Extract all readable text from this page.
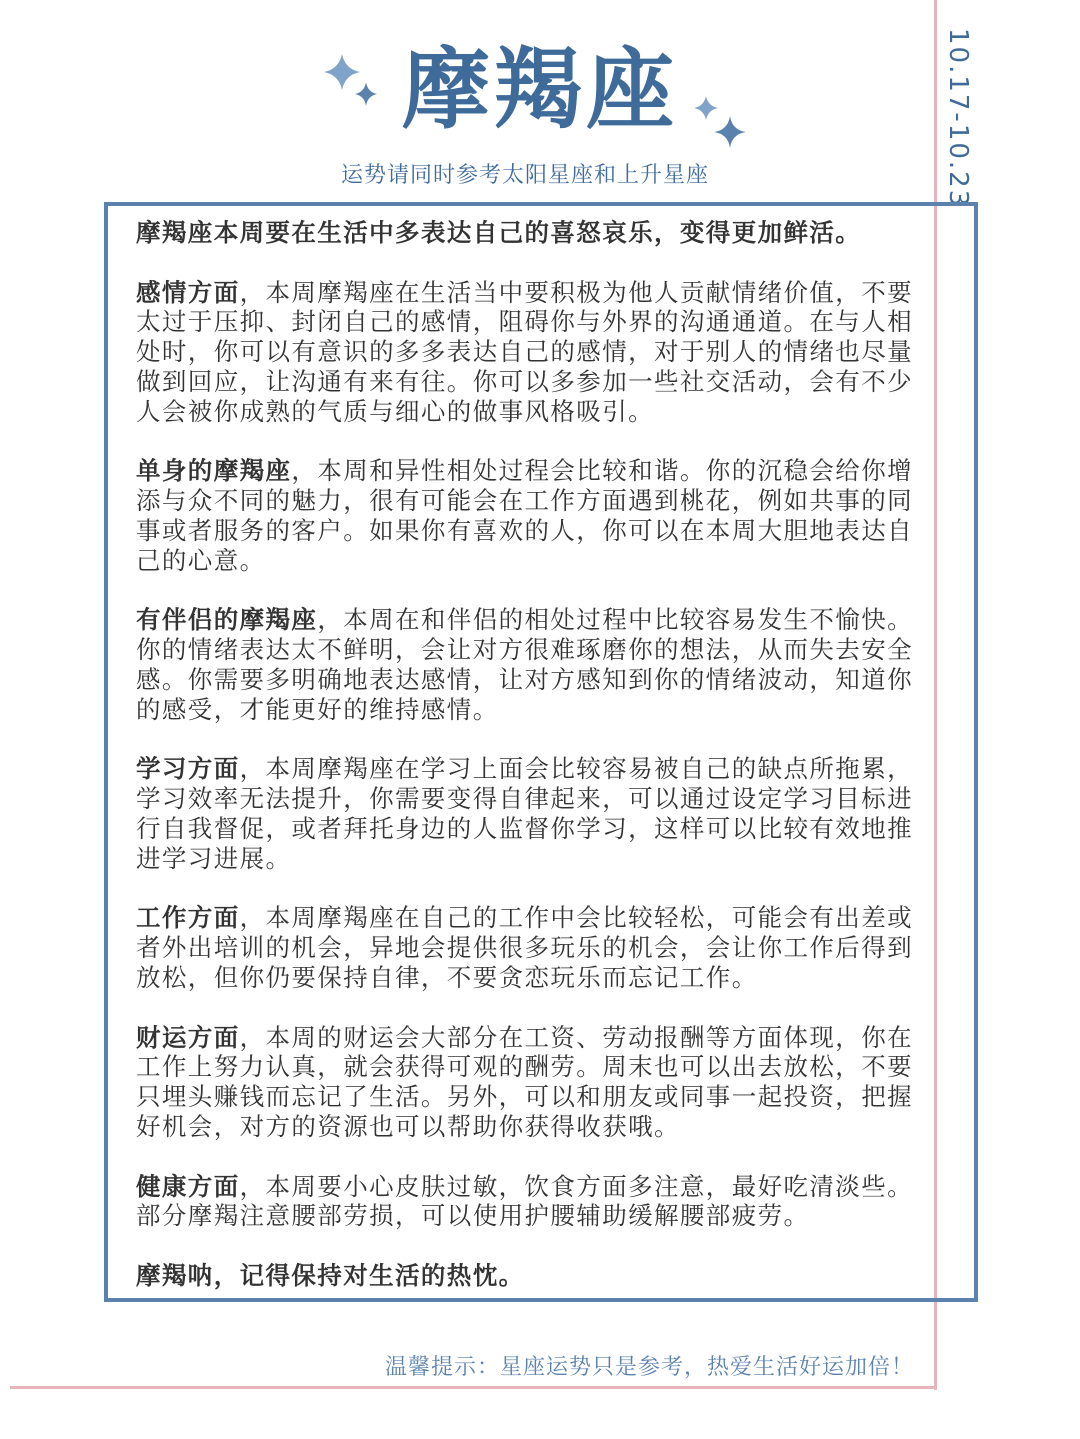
摩羯座
运势请同时参考太阳星座和上升星座	10.17-10.23

摩羯座本周要在生活中多表达自己的喜怒哀乐，变得更加鲜活。

感情方面，本周摩羯座在生活当中要积极为他人贡献情绪价值，不要太过于压抑、封闭自己的感情，阻碍你与外界的沟通通道。在与人相处时，你可以有意识的多多表达自己的感情，对于别人的情绪也尽量做到回应，让沟通有来有往。你可以多参加一些社交活动，会有不少人会被你成熟的气质与细心的做事风格吸引。

单身的摩羯座，本周和异性相处过程会比较和谐。你的沉稳会给你增添与众不同的魅力，很有可能会在工作方面遇到桃花，例如共事的同事或者服务的客户。如果你有喜欢的人，你可以在本周大胆地表达自己的心意。

有伴侣的摩羯座，本周在和伴侣的相处过程中比较容易发生不愉快。你的情绪表达太不鲜明，会让对方很难琢磨你的想法，从而失去安全感。你需要多明确地表达感情，让对方感知到你的情绪波动，知道你的感受，才能更好的维持感情。

学习方面，本周摩羯座在学习上面会比较容易被自己的缺点所拖累，学习效率无法提升，你需要变得自律起来，可以通过设定学习目标进行自我督促，或者拜托身边的人监督你学习，这样可以比较有效地推进学习进展。

工作方面，本周摩羯座在自己的工作中会比较轻松，可能会有出差或者外出培训的机会，异地会提供很多玩乐的机会，会让你工作后得到放松，但你仍要保持自律，不要贪恋玩乐而忘记工作。

财运方面，本周的财运会大部分在工资、劳动报酬等方面体现，你在工作上努力认真，就会获得可观的酬劳。周末也可以出去放松，不要只埋头赚钱而忘记了生活。另外，可以和朋友或同事一起投资，把握好机会，对方的资源也可以帮助你获得收获哦。

健康方面，本周要小心皮肤过敏，饮食方面多注意，最好吃清淡些。部分摩羯注意腰部劳损，可以使用护腰辅助缓解腰部疲劳。

摩羯呐，记得保持对生活的热忱。

温馨提示：星座运势只是参考，热爱生活好运加倍！
